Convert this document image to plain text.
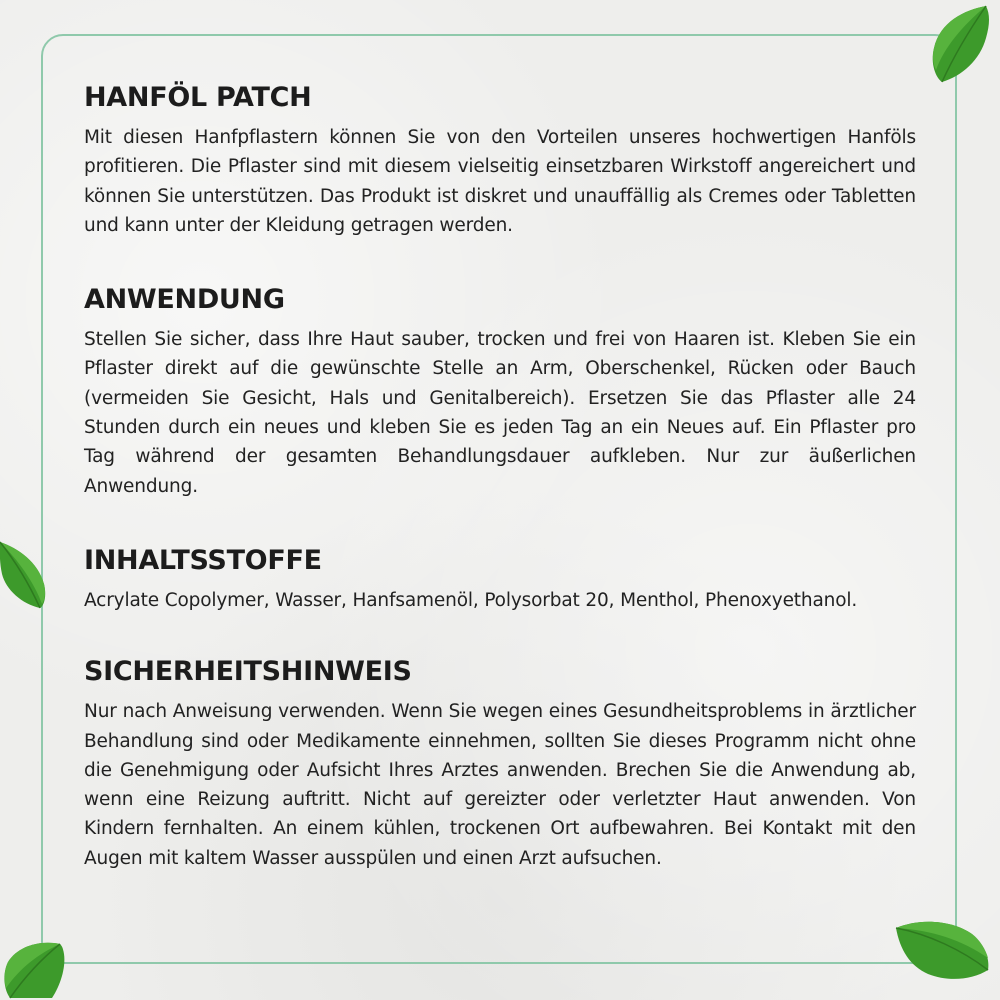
HANFÖL PATCH

Mit diesen Hanfpflastern können Sie von den Vorteilen unseres hochwertigen Hanföls profitieren. Die Pflaster sind mit diesem vielseitig einsetzbaren Wirkstoff angereichert und können Sie unterstützen. Das Produkt ist diskret und unauffällig als Cremes oder Tabletten und kann unter der Kleidung getragen werden.

ANWENDUNG

Stellen Sie sicher, dass Ihre Haut sauber, trocken und frei von Haaren ist. Kleben Sie ein Pflaster direkt auf die gewünschte Stelle an Arm, Oberschenkel, Rücken oder Bauch (vermeiden Sie Gesicht, Hals und Genitalbereich). Ersetzen Sie das Pflaster alle 24 Stunden durch ein neues und kleben Sie es jeden Tag an ein Neues auf. Ein Pflaster pro Tag während der gesamten Behandlungsdauer aufkleben. Nur zur äußerlichen Anwendung.

INHALTSSTOFFE

Acrylate Copolymer, Wasser, Hanfsamenöl, Polysorbat 20, Menthol, Phenoxyethanol.

SICHERHEITSHINWEIS

Nur nach Anweisung verwenden. Wenn Sie wegen eines Gesundheitsproblems in ärztlicher Behandlung sind oder Medikamente einnehmen, sollten Sie dieses Programm nicht ohne die Genehmigung oder Aufsicht Ihres Arztes anwenden. Brechen Sie die Anwendung ab, wenn eine Reizung auftritt. Nicht auf gereizter oder verletzter Haut anwenden. Von Kindern fernhalten. An einem kühlen, trockenen Ort aufbewahren. Bei Kontakt mit den Augen mit kaltem Wasser ausspülen und einen Arzt aufsuchen.
